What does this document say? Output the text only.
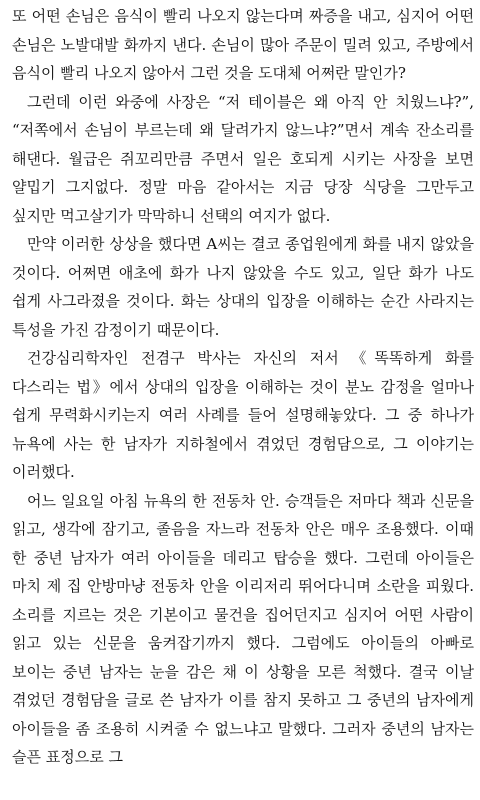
또 어떤 손님은 음식이 빨리 나오지 않는다며 짜증을 내고, 심지어 어떤 손님은 노발대발 화까지 낸다. 손님이 많아 주문이 밀려 있고, 주방에서 음식이 빨리 나오지 않아서 그런 것을 도대체 어쩌란 말인가?

그런데 이런 와중에 사장은 “저 테이블은 왜 아직 안 치웠느냐?”, “저쪽에서 손님이 부르는데 왜 달려가지 않느냐?”면서 계속 잔소리를 해댄다. 월급은 쥐꼬리만큼 주면서 일은 호되게 시키는 사장을 보면 얄밉기 그지없다. 정말 마음 같아서는 지금 당장 식당을 그만두고 싶지만 먹고살기가 막막하니 선택의 여지가 없다.

만약 이러한 상상을 했다면 A씨는 결코 종업원에게 화를 내지 않았을 것이다. 어쩌면 애초에 화가 나지 않았을 수도 있고, 일단 화가 나도 쉽게 사그라졌을 것이다. 화는 상대의 입장을 이해하는 순간 사라지는 특성을 가진 감정이기 때문이다.

건강심리학자인 전겸구 박사는 자신의 저서 《똑똑하게 화를 다스리는 법》에서 상대의 입장을 이해하는 것이 분노 감정을 얼마나 쉽게 무력화시키는지 여러 사례를 들어 설명해놓았다. 그 중 하나가 뉴욕에 사는 한 남자가 지하철에서 겪었던 경험담으로, 그 이야기는 이러했다.

어느 일요일 아침 뉴욕의 한 전동차 안. 승객들은 저마다 책과 신문을 읽고, 생각에 잠기고, 졸음을 자느라 전동차 안은 매우 조용했다. 이때 한 중년 남자가 여러 아이들을 데리고 탑승을 했다. 그런데 아이들은 마치 제 집 안방마냥 전동차 안을 이리저리 뛰어다니며 소란을 피웠다. 소리를 지르는 것은 기본이고 물건을 집어던지고 심지어 어떤 사람이 읽고 있는 신문을 움켜잡기까지 했다. 그럼에도 아이들의 아빠로 보이는 중년 남자는 눈을 감은 채 이 상황을 모른 척했다. 결국 이날 겪었던 경험담을 글로 쓴 남자가 이를 참지 못하고 그 중년의 남자에게 아이들을 좀 조용히 시켜줄 수 없느냐고 말했다. 그러자 중년의 남자는 슬픈 표정으로 그
